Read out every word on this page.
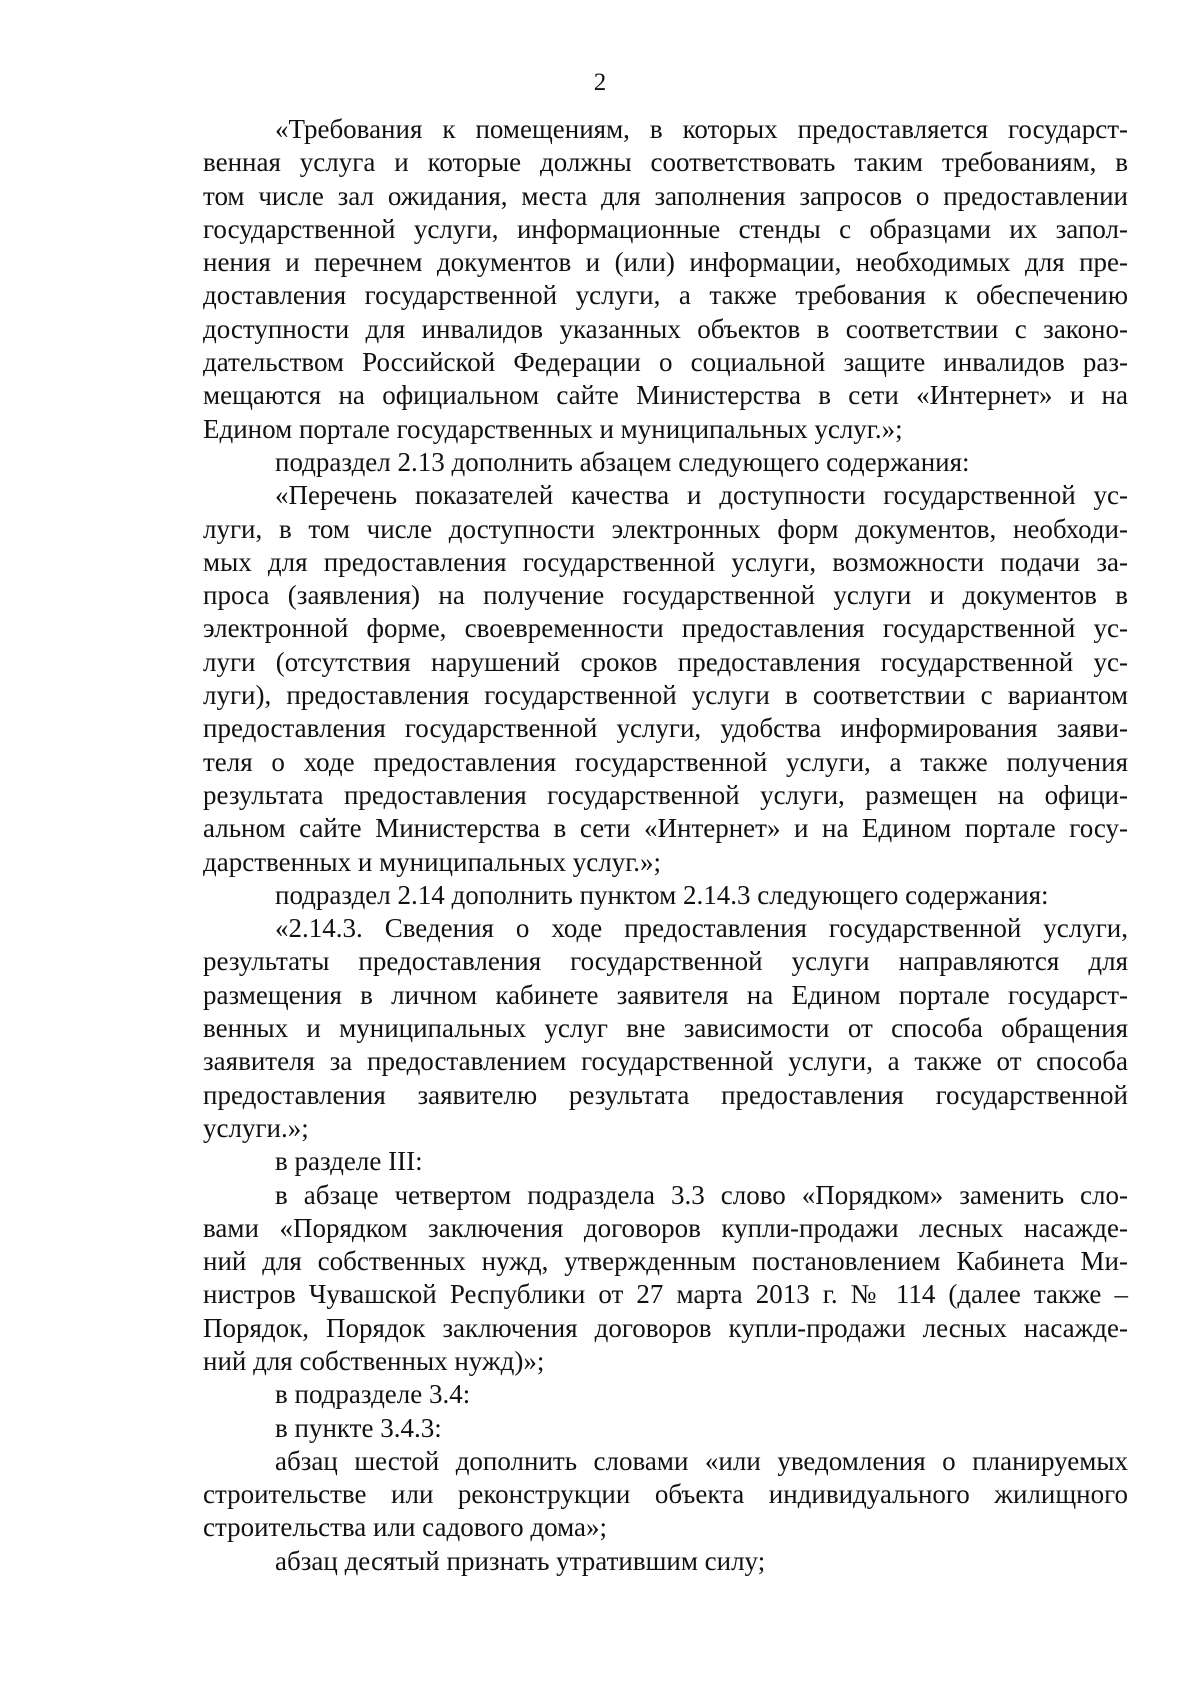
2
«Требования к помещениям, в которых предоставляется государст-
венная услуга и которые должны соответствовать таким требованиям, в
том числе зал ожидания, места для заполнения запросов о предоставлении
государственной услуги, информационные стенды с образцами их запол-
нения и перечнем документов и (или) информации, необходимых для пре-
доставления государственной услуги, а также требования к обеспечению
доступности для инвалидов указанных объектов в соответствии с законо-
дательством Российской Федерации о социальной защите инвалидов раз-
мещаются на официальном сайте Министерства в сети «Интернет» и на
Едином портале государственных и муниципальных услуг.»;
подраздел 2.13 дополнить абзацем следующего содержания:
«Перечень показателей качества и доступности государственной ус-
луги, в том числе доступности электронных форм документов, необходи-
мых для предоставления государственной услуги, возможности подачи за-
проса (заявления) на получение государственной услуги и документов в
электронной форме, своевременности предоставления государственной ус-
луги (отсутствия нарушений сроков предоставления государственной ус-
луги), предоставления государственной услуги в соответствии с вариантом
предоставления государственной услуги, удобства информирования заяви-
теля о ходе предоставления государственной услуги, а также получения
результата предоставления государственной услуги, размещен на офици-
альном сайте Министерства в сети «Интернет» и на Едином портале госу-
дарственных и муниципальных услуг.»;
подраздел 2.14 дополнить пунктом 2.14.3 следующего содержания:
«2.14.3. Сведения о ходе предоставления государственной услуги,
результаты предоставления государственной услуги направляются для
размещения в личном кабинете заявителя на Едином портале государст-
венных и муниципальных услуг вне зависимости от способа обращения
заявителя за предоставлением государственной услуги, а также от способа
предоставления заявителю результата предоставления государственной
услуги.»;
в разделе III:
в абзаце четвертом подраздела 3.3 слово «Порядком» заменить сло-
вами «Порядком заключения договоров купли-продажи лесных насажде-
ний для собственных нужд, утвержденным постановлением Кабинета Ми-
нистров Чувашской Республики от 27 марта 2013 г. № 114 (далее также –
Порядок, Порядок заключения договоров купли-продажи лесных насажде-
ний для собственных нужд)»;
в подразделе 3.4:
в пункте 3.4.3:
абзац шестой дополнить словами «или уведомления о планируемых
строительстве или реконструкции объекта индивидуального жилищного
строительства или садового дома»;
абзац десятый признать утратившим силу;
